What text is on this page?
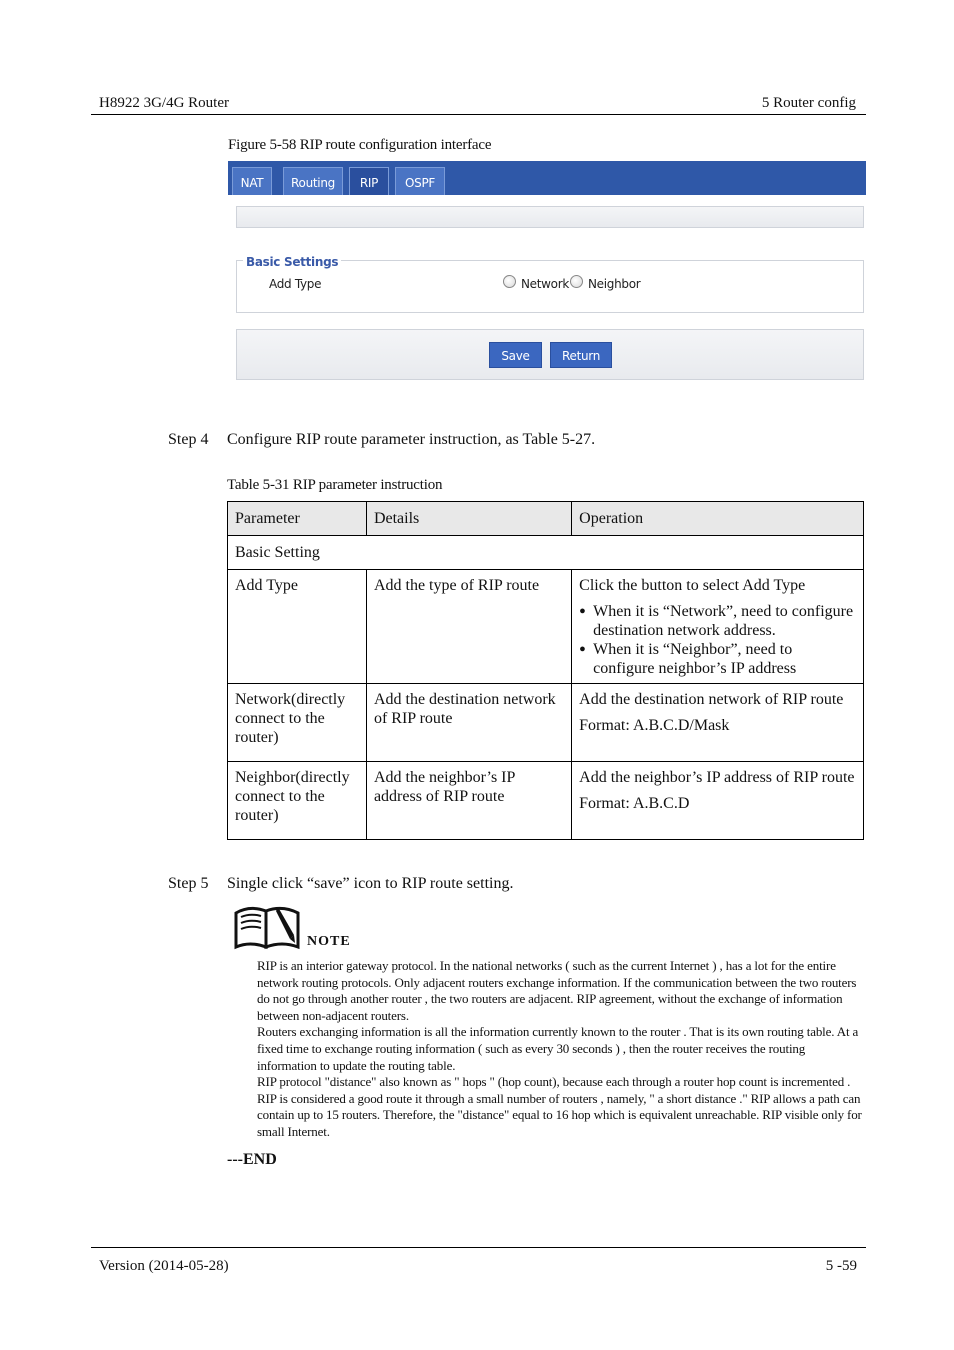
H8922 3G/4G Router	5 Router config
Figure 5-58 RIP route configuration interface
NAT	Routing	RIP	OSPF
Basic Settings
Add Type	Network Neighbor
Save	Return
Step 4 Configure RIP route parameter instruction, as Table 5-27.
Table 5-31 RIP parameter instruction
Parameter	Details	Operation
Basic Setting		
Add Type	Add the type of RIP route	Click the button to select Add Type
● When it is “Network”, need to configure destination network address.
● When it is “Neighbor”, need to configure neighbor’s IP address

Network(directly connect to the router)	Add the destination network of RIP route	Add the destination network of RIP route
Format: A.B.C.D/Mask

Neighbor(directly connect to the router)	Add the neighbor’s IP address of RIP route	Add the neighbor’s IP address of RIP route
Format: A.B.C.D
Step 5 Single click “save” icon to RIP route setting.
NOTE

RIP is an interior gateway protocol. In the national networks ( such as the current Internet ) , has a lot for the entire network routing protocols. Only adjacent routers exchange information. If the communication between the two routers do not go through another router , the two routers are adjacent. RIP agreement, without the exchange of information between non-adjacent routers.

Routers exchanging information is all the information currently known to the router . That is its own routing table. At a fixed time to exchange routing information ( such as every 30 seconds ) , then the router receives the routing information to update the routing table.

RIP protocol "distance" also known as " hops " (hop count), because each through a router hop count is incremented . RIP is considered a good route it through a small number of routers , namely, " a short distance ." RIP allows a path can contain up to 15 routers. Therefore, the "distance" equal to 16 hop which is equivalent unreachable. RIP visible only for small Internet.

---END
Version (2014-05-28)	5 -59
